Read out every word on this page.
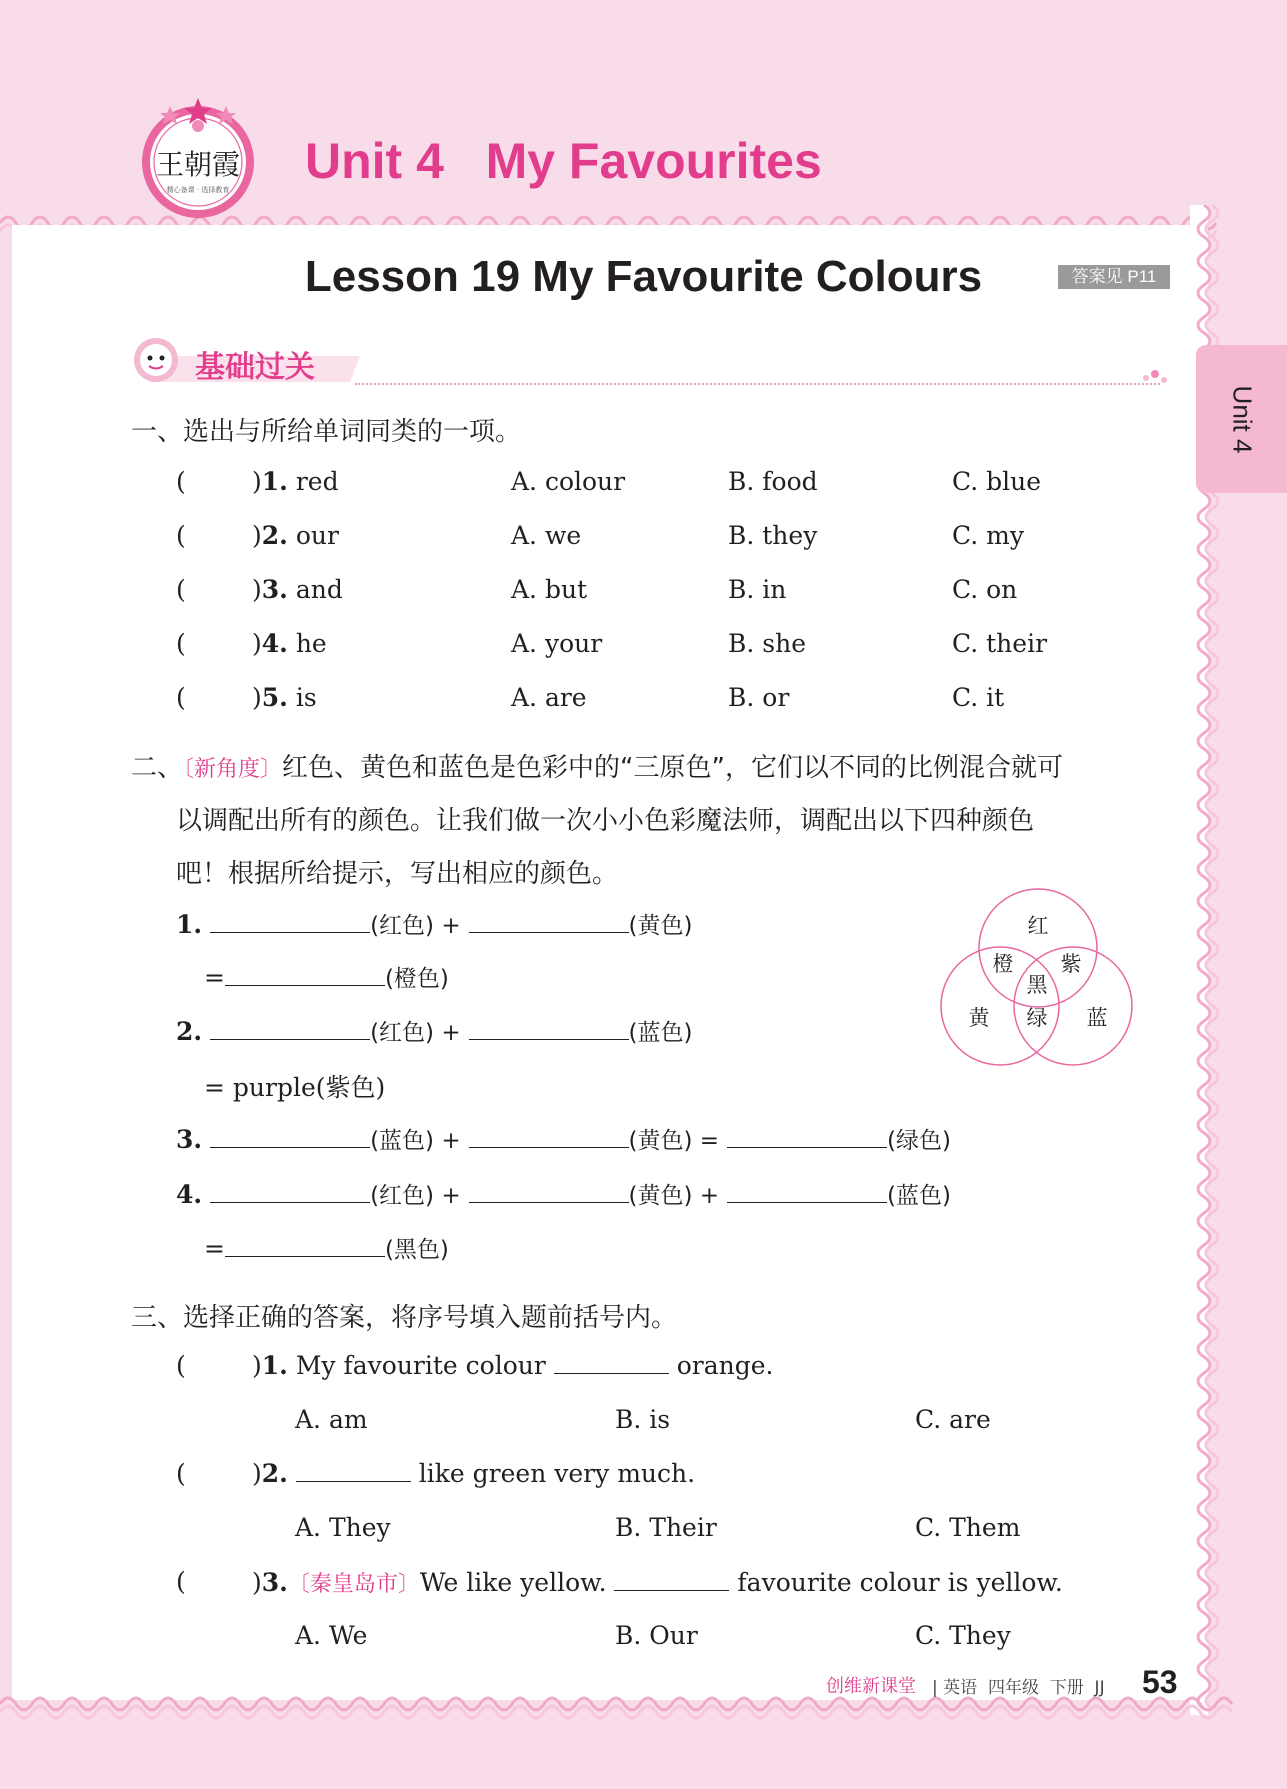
王朝霞
精心备课 · 选择教育
Unit 4   My Favourites
Unit 4
Lesson 19 My Favourite Colours	答案见 P11
基础过关
一、选出与所给单词同类的一项。
(	)1. red	A. colour	B. food	C. blue
(	)2. our	A. we	B. they	C. my
(	)3. and	A. but	B. in	C. on
(	)4. he	A. your	B. she	C. their
(	)5. is	A. are	B. or	C. it
二、〔新角度〕红色、黄色和蓝色是色彩中的“三原色”，它们以不同的比例混合就可
以调配出所有的颜色。让我们做一次小小色彩魔法师，调配出以下四种颜色
吧！根据所给提示，写出相应的颜色。
1.	(红色) +	(黄色)
=	(橙色)
2.	(红色) +	(蓝色)
= purple(紫色)
3.	(蓝色) +	(黄色) =	(绿色)
4.	(红色) +	(黄色) +	(蓝色)
=	(黑色)
红
橙 紫
黑
黄 绿 蓝
三、选择正确的答案，将序号填入题前括号内。
(	)1. My favourite colour	orange.
A. am	B. is	C. are
(	)2.	like green very much.
A. They	B. Their	C. Them
(	)3.〔秦皇岛市〕We like yellow.	favourite colour is yellow.
A. We	B. Our	C. They
创维新课堂 | 英语  四年级  下册  JJ 53
